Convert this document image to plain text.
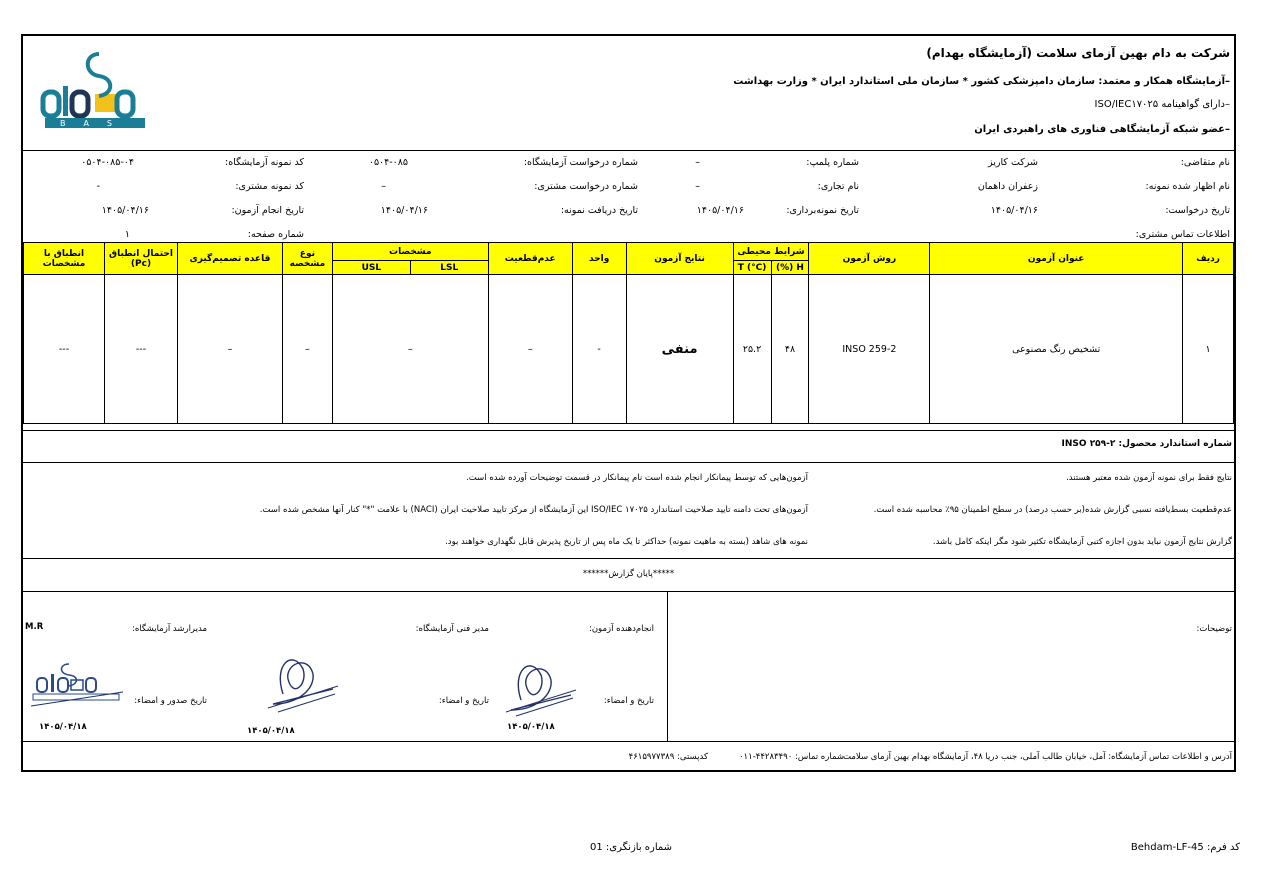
BAS
شرکت به دام بهین آزمای سلامت (آزمایشگاه بهدام)
–آزمایشگاه همکار و معتمد: سازمان دامپزشکی کشور * سازمان ملی استاندارد ایران * وزارت بهداشت
–دارای گواهینامه ISO/IEC۱۷۰۲۵
–عضو شبکه آزمایشگاهی فناوری های راهبردی ایران
نام متقاضی:
شرکت کاریز
شماره پلمپ:
–
شماره درخواست آزمایشگاه:
۰۵۰۴-۰۸۵
کد نمونه آزمایشگاه:
۰۵۰۴-۰۸۵-۰۴
نام اظهار شده نمونه:
زعفران داهمان
نام تجاری:
–
شماره درخواست مشتری:
–
کد نمونه مشتری:
-
تاریخ درخواست:
۱۴۰۵/۰۴/۱۶
تاریخ نمونه‌برداری:
۱۴۰۵/۰۴/۱۶
تاریخ دریافت نمونه:
۱۴۰۵/۰۴/۱۶
تاریخ انجام آزمون:
۱۴۰۵/۰۴/۱۶
اطلاعات تماس مشتری:
شماره صفحه:
۱
ردیف	عنوان آزمون	روش آزمون	شرایط محیطی		نتایج آزمون	واحد	عدم‌قطعیت	مشخصات		نوع مشخصه	قاعده تصمیم‌گیری	احتمال انطباق
(Pc)	انطباق با مشخصات
			H (%)	T (°C)				LSL	USL				
۱	تشخیص رنگ مصنوعی	INSO 259-2	۴۸	۲۵.۲	منفی	-	–	–		–	–	---	---
شماره استاندارد محصول: INSO ۲۵۹-۲
نتایج فقط برای نمونه آزمون شده معتبر هستند.
آزمون‌هایی که توسط پیمانکار انجام شده است نام پیمانکار در قسمت توضیحات آورده شده است.
عدم‌قطعیت بسط‌یافته نسبی گزارش شده(بر حسب درصد) در سطح اطمینان ۹۵٪ محاسبه شده است.
آزمون‌های تحت دامنه تایید صلاحیت استاندارد ISO/IEC ۱۷۰۲۵ این آزمایشگاه از مرکز تایید صلاحیت ایران (NACI) با علامت "*" کنار آنها مشخص شده است.
گزارش نتایج آزمون نباید بدون اجازه کتبی آزمایشگاه تکثیر شود مگر اینکه کامل باشد.
نمونه های شاهد (بسته به ماهیت نمونه) حداکثر تا یک ماه پس از تاریخ پذیرش قابل نگهداری خواهند بود.
*****پایان گزارش******
توضیحات:
انجام‌دهنده آزمون:
تاریخ و امضاء:
۱۴۰۵/۰۴/۱۸
مدیر فنی آزمایشگاه:
تاریخ و امضاء:
۱۴۰۵/۰۴/۱۸
مدیرارشد آزمایشگاه:
M.R
تاریخ صدور و امضاء:
۱۴۰۵/۰۴/۱۸
آدرس و اطلاعات تماس آزمایشگاه: آمل، خیابان طالب آملی، جنب دریا ۴۸، آزمایشگاه بهدام بهین آزمای سلامت
شماره تماس: ۴۴۲۸۳۴۹۰-۰۱۱
کدپستی: ۴۶۱۵۹۷۷۳۸۹
کد فرم: Behdam-LF-45
شماره بازنگری: 01
